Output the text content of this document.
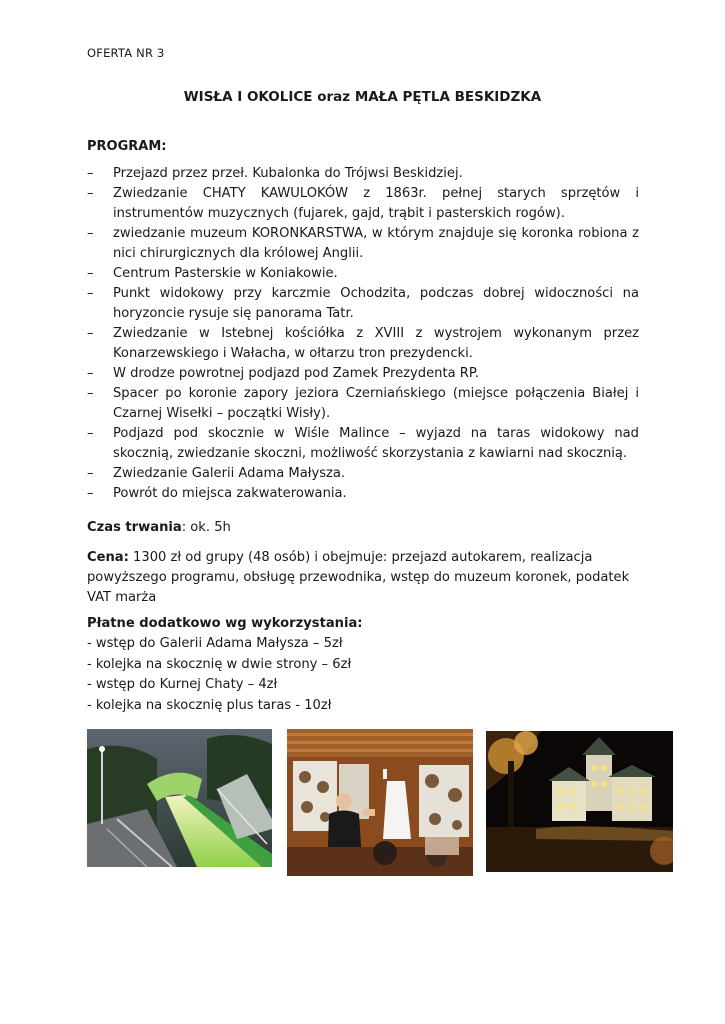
OFERTA NR 3
WISŁA I OKOLICE oraz MAŁA PĘTLA BESKIDZKA
PROGRAM:
– Przejazd przez przeł. Kubalonka do Trójwsi Beskidziej.
– Zwiedzanie CHATY KAWULOKÓW z 1863r. pełnej starych sprzętów i instrumentów muzycznych (fujarek, gajd, trąbit i pasterskich rogów).
– zwiedzanie muzeum KORONKARSTWA, w którym znajduje się koronka robiona z nici chirurgicznych dla królowej Anglii.
– Centrum Pasterskie w Koniakowie.
– Punkt widokowy przy karczmie Ochodzita, podczas dobrej widoczności na horyzoncie rysuje się panorama Tatr.
– Zwiedzanie w Istebnej kościółka z XVIII z wystrojem wykonanym przez Konarzewskiego i Wałacha, w ołtarzu tron prezydencki.
– W drodze powrotnej podjazd pod Zamek Prezydenta RP.
– Spacer po koronie zapory jeziora Czerniańskiego (miejsce połączenia Białej i Czarnej Wisełki – początki Wisły).
– Podjazd pod skocznie w Wiśle Malince – wyjazd na taras widokowy nad skocznią, zwiedzanie skoczni, możliwość skorzystania z kawiarni nad skocznią.
– Zwiedzanie Galerii Adama Małysza.
– Powrót do miejsca zakwaterowania.
Czas trwania: ok. 5h
Cena: 1300 zł od grupy (48 osób) i obejmuje: przejazd autokarem, realizacja powyższego programu, obsługę przewodnika, wstęp do muzeum koronek, podatek VAT marża
Płatne dodatkowo wg wykorzystania:
- wstęp do Galerii Adama Małysza – 5zł
- kolejka na skocznię w dwie strony – 6zł
- wstęp do Kurnej Chaty – 4zł
- kolejka na skocznię plus taras - 10zł
